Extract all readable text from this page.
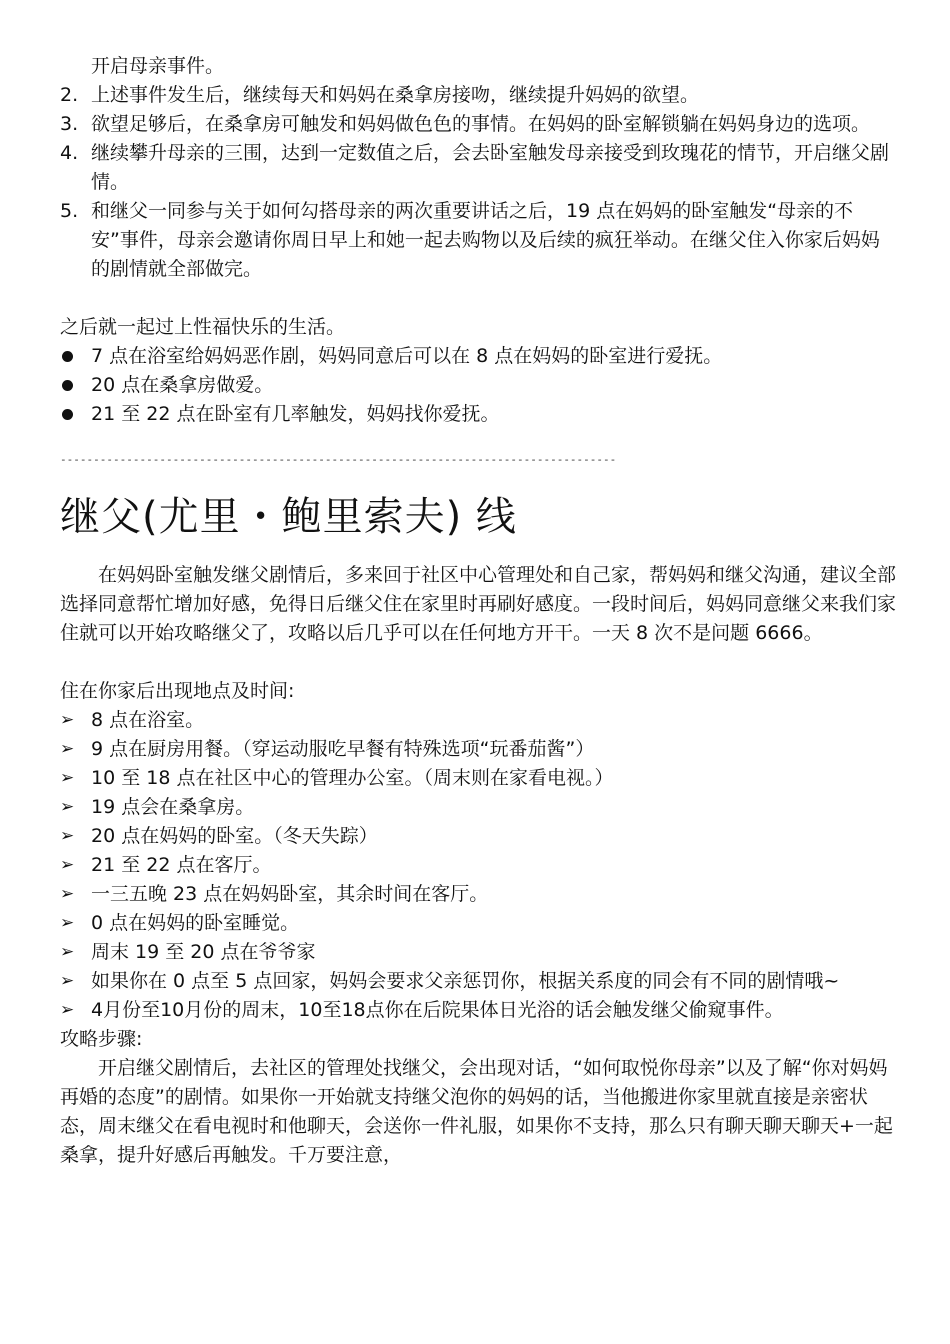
开启母亲事件。
2. 上述事件发生后，继续每天和妈妈在桑拿房接吻，继续提升妈妈的欲望。
3. 欲望足够后，在桑拿房可触发和妈妈做色色的事情。在妈妈的卧室解锁躺在妈妈身边的选项。
4. 继续攀升母亲的三围，达到一定数值之后，会去卧室触发母亲接受到玫瑰花的情节，开启继父剧情。
5. 和继父一同参与关于如何勾搭母亲的两次重要讲话之后，19 点在妈妈的卧室触发“母亲的不安”事件，母亲会邀请你周日早上和她一起去购物以及后续的疯狂举动。在继父住入你家后妈妈的剧情就全部做完。

之后就一起过上性福快乐的生活。

7 点在浴室给妈妈恶作剧，妈妈同意后可以在 8 点在妈妈的卧室进行爱抚。
20 点在桑拿房做爱。
21 至 22 点在卧室有几率触发，妈妈找你爱抚。
------------------------------------------------------------------------------------
继父(尤里・鲍里索夫) 线

在妈妈卧室触发继父剧情后，多来回于社区中心管理处和自己家，帮妈妈和继父沟通，建议全部选择同意帮忙增加好感，免得日后继父住在家里时再刷好感度。一段时间后，妈妈同意继父来我们家住就可以开始攻略继父了，攻略以后几乎可以在任何地方开干。一天 8 次不是问题 6666。

住在你家后出现地点及时间:

➢ 8 点在浴室。
➢ 9 点在厨房用餐。（穿运动服吃早餐有特殊选项“玩番茄酱”）
➢ 10 至 18 点在社区中心的管理办公室。（周末则在家看电视。）
➢ 19 点会在桑拿房。
➢ 20 点在妈妈的卧室。（冬天失踪）
➢ 21 至 22 点在客厅。
➢ 一三五晚 23 点在妈妈卧室，其余时间在客厅。
➢ 0 点在妈妈的卧室睡觉。
➢ 周末 19 至 20 点在爷爷家
➢ 如果你在 0 点至 5 点回家，妈妈会要求父亲惩罚你，根据关系度的同会有不同的剧情哦~
➢ 4月份至10月份的周末，10至18点你在后院果体日光浴的话会触发继父偷窥事件。

攻略步骤:

开启继父剧情后，去社区的管理处找继父，会出现对话，“如何取悦你母亲”以及了解“你对妈妈再婚的态度”的剧情。如果你一开始就支持继父泡你的妈妈的话，当他搬进你家里就直接是亲密状态，周末继父在看电视时和他聊天，会送你一件礼服，如果你不支持，那么只有聊天聊天聊天+一起桑拿，提升好感后再触发。千万要注意，
